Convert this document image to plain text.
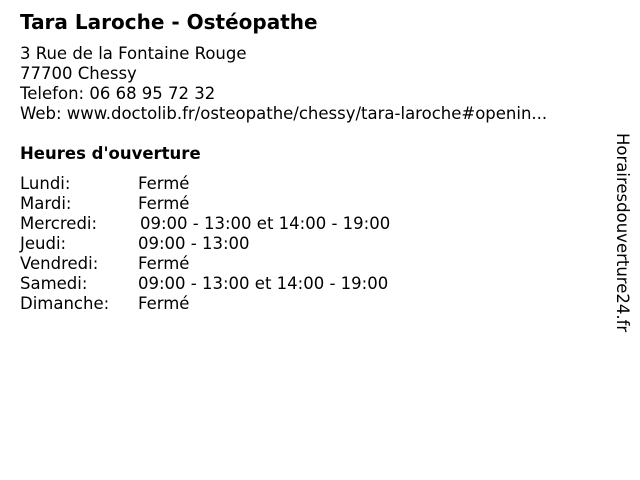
Tara Laroche - Ostéopathe
3 Rue de la Fontaine Rouge
77700 Chessy
Telefon: 06 68 95 72 32
Web: www.doctolib.fr/osteopathe/chessy/tara-laroche#openin...
Heures d'ouverture
Lundi:	Fermé
Mardi:	Fermé
Mercredi:	09:00 - 13:00 et 14:00 - 19:00
Jeudi:	09:00 - 13:00
Vendredi: Fermé
Samedi:	09:00 - 13:00 et 14:00 - 19:00
Dimanche: Fermé	Horairesdouverture24.fr
